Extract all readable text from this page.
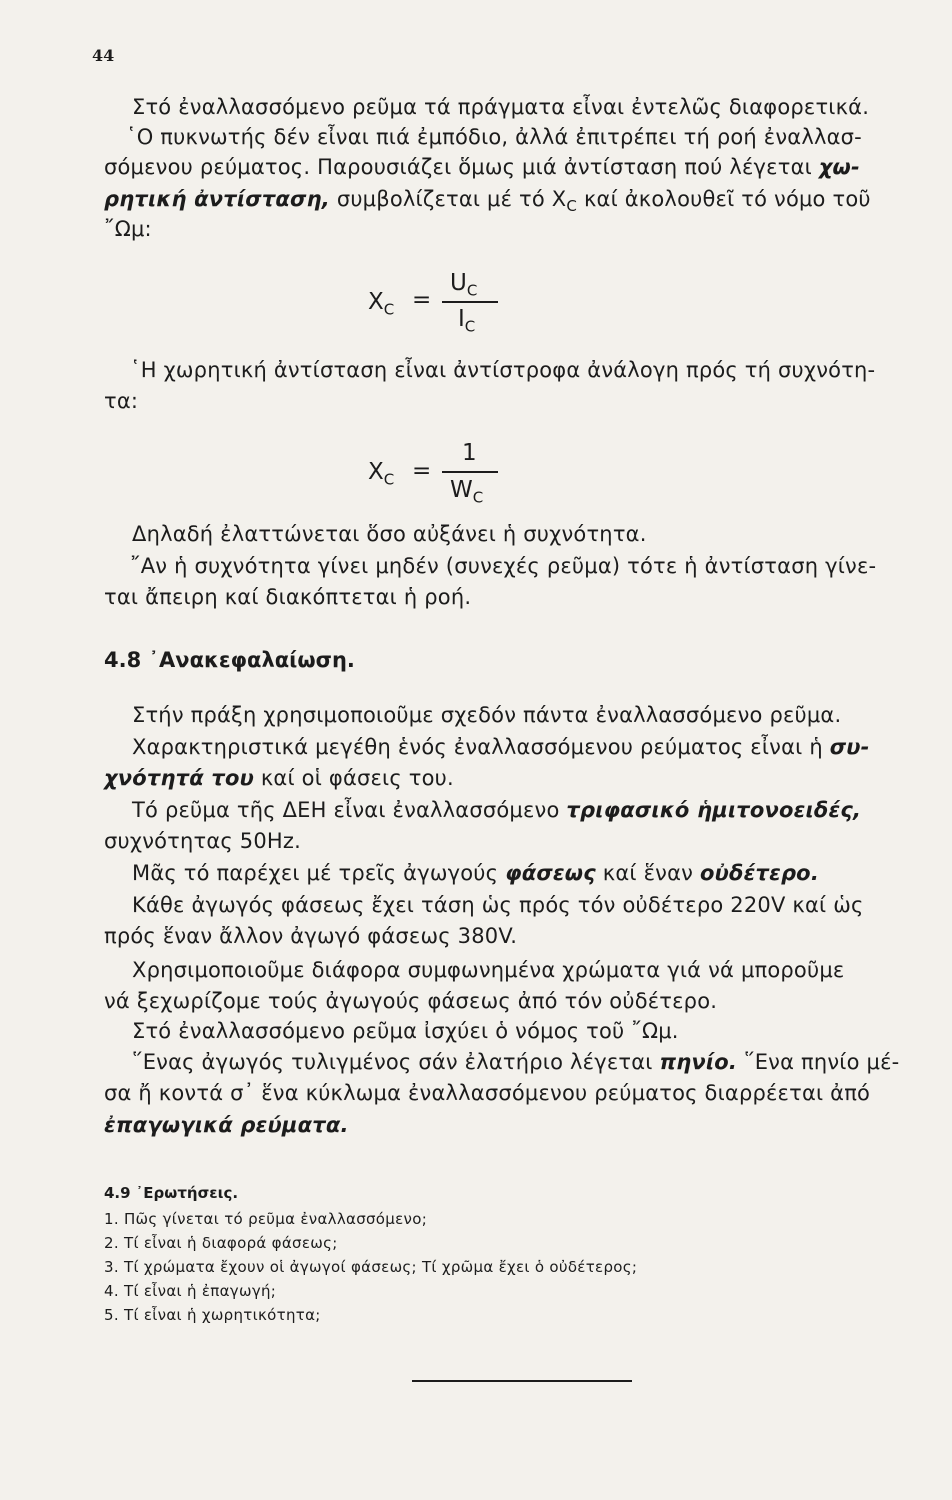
44
Στό ἐναλλασσόμενο ρεῦμα τά πράγματα εἶναι ἐντελῶς διαφορετικά.
῾Ο πυκνωτής δέν εἶναι πιά ἐμπόδιο, ἀλλά ἐπιτρέπει τή ροή ἐναλλασ-
σόμενου ρεύματος. Παρουσιάζει ὅμως μιά ἀντίσταση πού λέγεται χω-
ρητική ἀντίσταση, συμβολίζεται μέ τό $X_C$ καί ἀκολουθεῖ τό νόμο τοῦ
῎Ωμ:
$X_C$ =
$U_C$
$I_C$
῾Η χωρητική ἀντίσταση εἶναι ἀντίστροφα ἀνάλογη πρός τή συχνότη-
τα:
$X_C$ =
1
$W_C$
Δηλαδή ἐλαττώνεται ὅσο αὐξάνει ἡ συχνότητα.
῎Αν ἡ συχνότητα γίνει μηδέν (συνεχές ρεῦμα) τότε ἡ ἀντίσταση γίνε-
ται ἄπειρη καί διακόπτεται ἡ ροή.
4.8 ᾿Ανακεφαλαίωση.
Στήν πράξη χρησιμοποιοῦμε σχεδόν πάντα ἐναλλασσόμενο ρεῦμα.
Χαρακτηριστικά μεγέθη ἑνός ἐναλλασσόμενου ρεύματος εἶναι ἡ συ-
χνότητά του καί οἱ φάσεις του.
Τό ρεῦμα τῆς ΔΕΗ εἶναι ἐναλλασσόμενο τριφασικό ἡμιτονοειδές,
συχνότητας 50Hz.
Μᾶς τό παρέχει μέ τρεῖς ἀγωγούς φάσεως καί ἕναν οὐδέτερο.
Κάθε ἀγωγός φάσεως ἔχει τάση ὡς πρός τόν οὐδέτερο 220V καί ὡς
πρός ἕναν ἄλλον ἀγωγό φάσεως 380V.
Χρησιμοποιοῦμε διάφορα συμφωνημένα χρώματα γιά νά μποροῦμε
νά ξεχωρίζομε τούς ἀγωγούς φάσεως ἀπό τόν οὐδέτερο.
Στό ἐναλλασσόμενο ρεῦμα ἰσχύει ὁ νόμος τοῦ ῎Ωμ.
῞Ενας ἀγωγός τυλιγμένος σάν ἐλατήριο λέγεται πηνίο. ῞Ενα πηνίο μέ-
σα ἤ κοντά σ᾿ ἕνα κύκλωμα ἐναλλασσόμενου ρεύματος διαρρέεται ἀπό
ἐπαγωγικά ρεύματα.
4.9 ᾿Ερωτήσεις.
1. Πῶς γίνεται τό ρεῦμα ἐναλλασσόμενο;
2. Τί εἶναι ἡ διαφορά φάσεως;
3. Τί χρώματα ἔχουν οἱ ἀγωγοί φάσεως; Τί χρῶμα ἔχει ὁ οὐδέτερος;
4. Τί εἶναι ἡ ἐπαγωγή;
5. Τί εἶναι ἡ χωρητικότητα;
